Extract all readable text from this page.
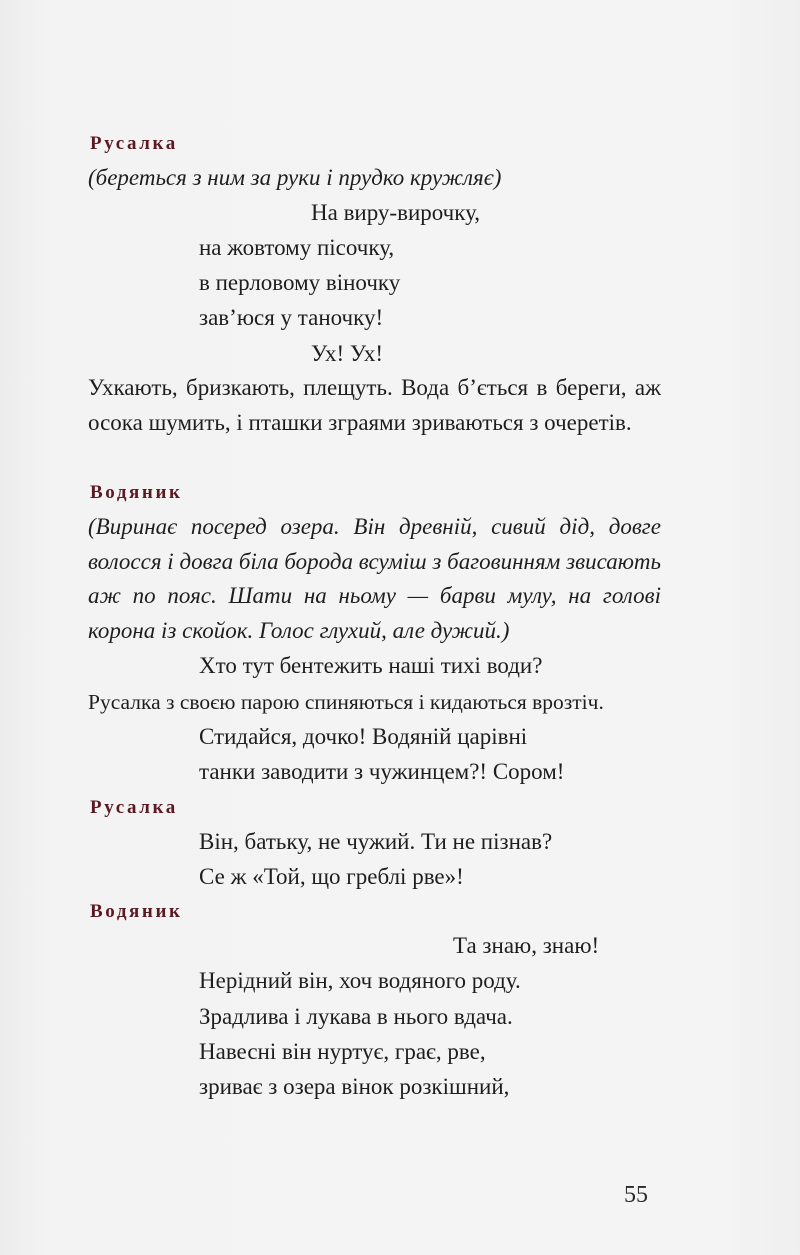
Русалка
(береться з ним за руки і прудко кружляє)
На виру-вирочку,
на жовтому пісочку,
в перловому віночку
зав’юся у таночку!
Ух! Ух!
Ухкають, бризкають, плещуть. Вода б’ється в береги, аж осока шумить, і пташки зграями зриваються з очеретів.
Водяник
(Виринає посеред озера. Він древній, сивий дід, довге волосся і довга біла борода всуміш з баговинням звисають аж по пояс. Шати на ньому — барви мулу, на голові корона із скойок. Голос глухий, але дужий.)
Хто тут бентежить наші тихі води?
Русалка з своєю парою спиняються і кидаються врозтіч.
Стидайся, дочко! Водяній царівні
танки заводити з чужинцем?! Сором!
Русалка
Він, батьку, не чужий. Ти не пізнав?
Се ж «Той, що греблі рве»!
Водяник
Та знаю, знаю!
Нерідний він, хоч водяного роду.
Зрадлива і лукава в нього вдача.
Навесні він нуртує, грає, рве,
зриває з озера вінок розкішний,
55
